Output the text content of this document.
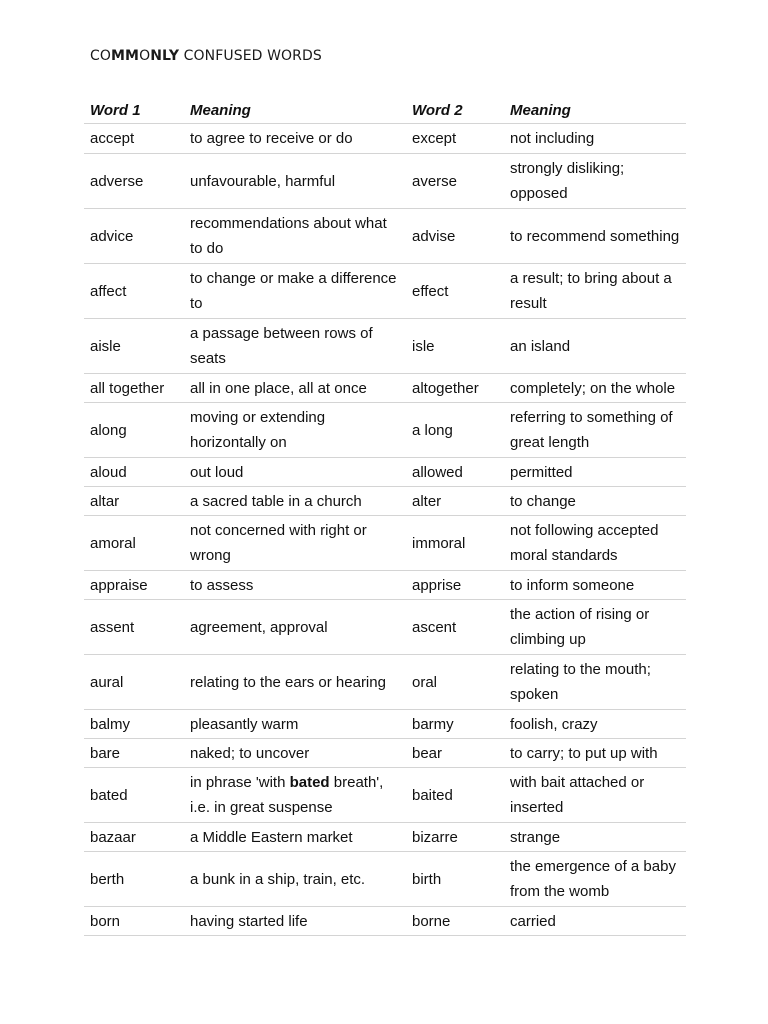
COMMONLY CONFUSED WORDS
Word 1	Meaning	Word 2	Meaning
accept	to agree to receive or do	except	not including
adverse	unfavourable, harmful	averse	strongly disliking; opposed
advice	recommendations about what to do	advise	to recommend something
affect	to change or make a difference to	effect	a result; to bring about a result
aisle	a passage between rows of seats	isle	an island
all together	all in one place, all at once	altogether	completely; on the whole
along	moving or extending horizontally on	a long	referring to something of great length
aloud	out loud	allowed	permitted
altar	a sacred table in a church	alter	to change
amoral	not concerned with right or wrong	immoral	not following accepted moral standards
appraise	to assess	apprise	to inform someone
assent	agreement, approval	ascent	the action of rising or climbing up
aural	relating to the ears or hearing	oral	relating to the mouth; spoken
balmy	pleasantly warm	barmy	foolish, crazy
bare	naked; to uncover	bear	to carry; to put up with
bated	in phrase 'with bated breath', i.e. in great suspense	baited	with bait attached or inserted
bazaar	a Middle Eastern market	bizarre	strange
berth	a bunk in a ship, train, etc.	birth	the emergence of a baby from the womb
born	having started life	borne	carried
